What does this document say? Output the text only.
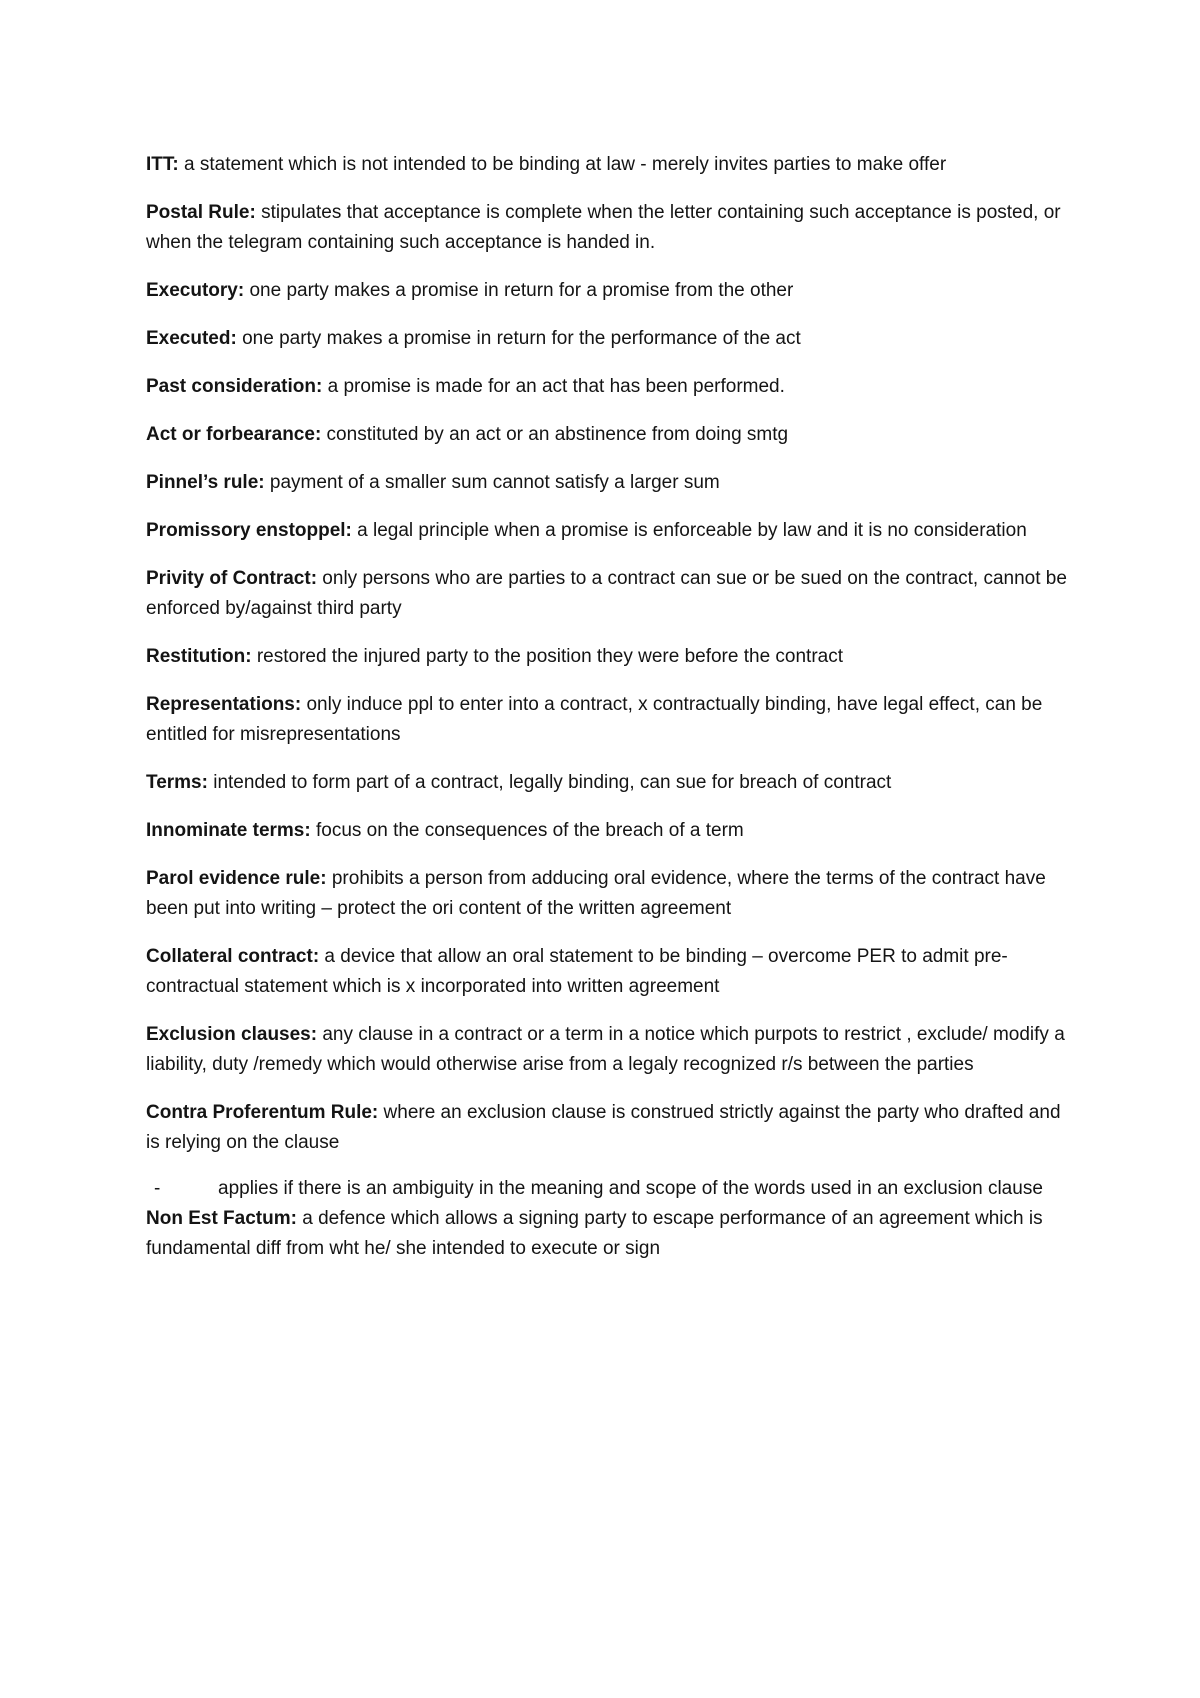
ITT: a statement which is not intended to be binding at law - merely invites parties to make offer

Postal Rule: stipulates that acceptance is complete when the letter containing such acceptance is posted, or when the telegram containing such acceptance is handed in.

Executory: one party makes a promise in return for a promise from the other

Executed: one party makes a promise in return for the performance of the act

Past consideration: a promise is made for an act that has been performed.

Act or forbearance: constituted by an act or an abstinence from doing smtg

Pinnel’s rule: payment of a smaller sum cannot satisfy a larger sum

Promissory enstoppel: a legal principle when a promise is enforceable by law and it is no consideration

Privity of Contract: only persons who are parties to a contract can sue or be sued on the contract, cannot be enforced by/against third party

Restitution: restored the injured party to the position they were before the contract

Representations: only induce ppl to enter into a contract, x contractually binding, have legal effect, can be entitled for misrepresentations

Terms: intended to form part of a contract, legally binding, can sue for breach of contract

Innominate terms: focus on the consequences of the breach of a term

Parol evidence rule: prohibits a person from adducing oral evidence, where the terms of the contract have been put into writing – protect the ori content of the written agreement

Collateral contract: a device that allow an oral statement to be binding – overcome PER to admit pre-contractual statement which is x incorporated into written agreement

Exclusion clauses: any clause in a contract or a term in a notice which purpots to restrict , exclude/ modify a liability, duty /remedy which would otherwise arise from a legaly recognized r/s between the parties

Contra Proferentum Rule: where an exclusion clause is construed strictly against the party who drafted and is relying on the clause

-	applies if there is an ambiguity in the meaning and scope of the words used in an exclusion clause

Non Est Factum: a defence which allows a signing party to escape performance of an agreement which is fundamental diff from wht he/ she intended to execute or sign
